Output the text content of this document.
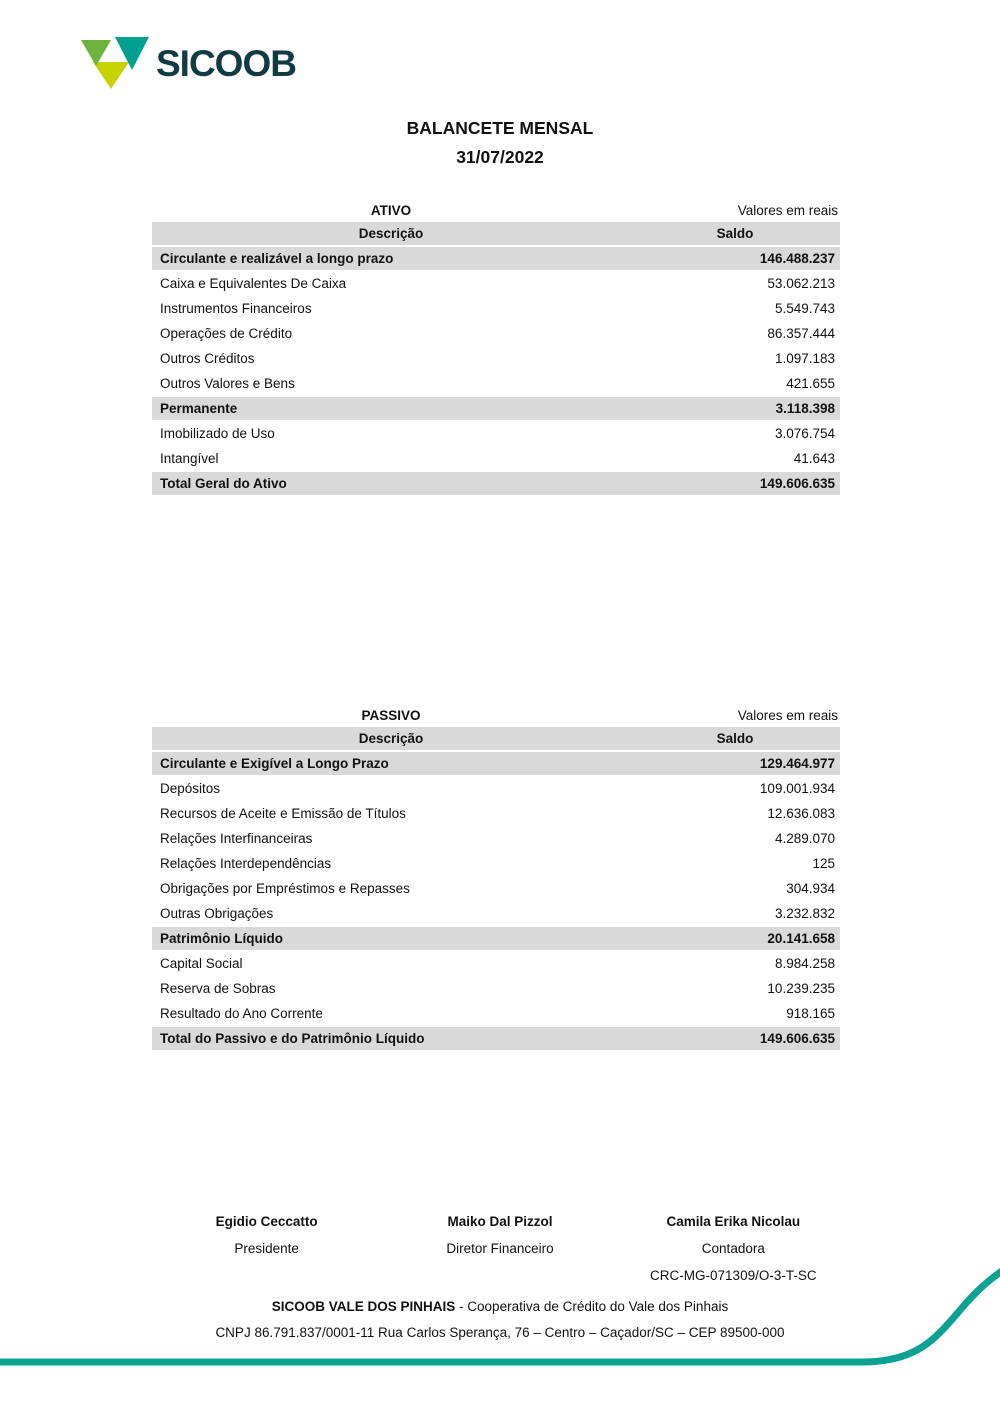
SICOOB
BALANCETE MENSAL
31/07/2022
ATIVO	Valores em reais
Descrição	Saldo
Circulante e realizável a longo prazo	146.488.237
Caixa e Equivalentes De Caixa	53.062.213
Instrumentos Financeiros	5.549.743
Operações de Crédito	86.357.444
Outros Créditos	1.097.183
Outros Valores e Bens	421.655
Permanente	3.118.398
Imobilizado de Uso	3.076.754
Intangível	41.643
Total Geral do Ativo	149.606.635
PASSIVO	Valores em reais
Descrição	Saldo
Circulante e Exigível a Longo Prazo	129.464.977
Depósitos	109.001.934
Recursos de Aceite e Emissão de Títulos	12.636.083
Relações Interfinanceiras	4.289.070
Relações Interdependências	125
Obrigações por Empréstimos e Repasses	304.934
Outras Obrigações	3.232.832
Patrimônio Líquido	20.141.658
Capital Social	8.984.258
Reserva de Sobras	10.239.235
Resultado do Ano Corrente	918.165
Total do Passivo e do Patrimônio Líquido	149.606.635
Egidio Ceccatto
Presidente
Maiko Dal Pizzol
Diretor Financeiro
Camila Erika Nicolau
Contadora
CRC-MG-071309/O-3-T-SC
SICOOB VALE DOS PINHAIS - Cooperativa de Crédito do Vale dos Pinhais
CNPJ 86.791.837/0001-11 Rua Carlos Sperança, 76 – Centro – Caçador/SC – CEP 89500-000
